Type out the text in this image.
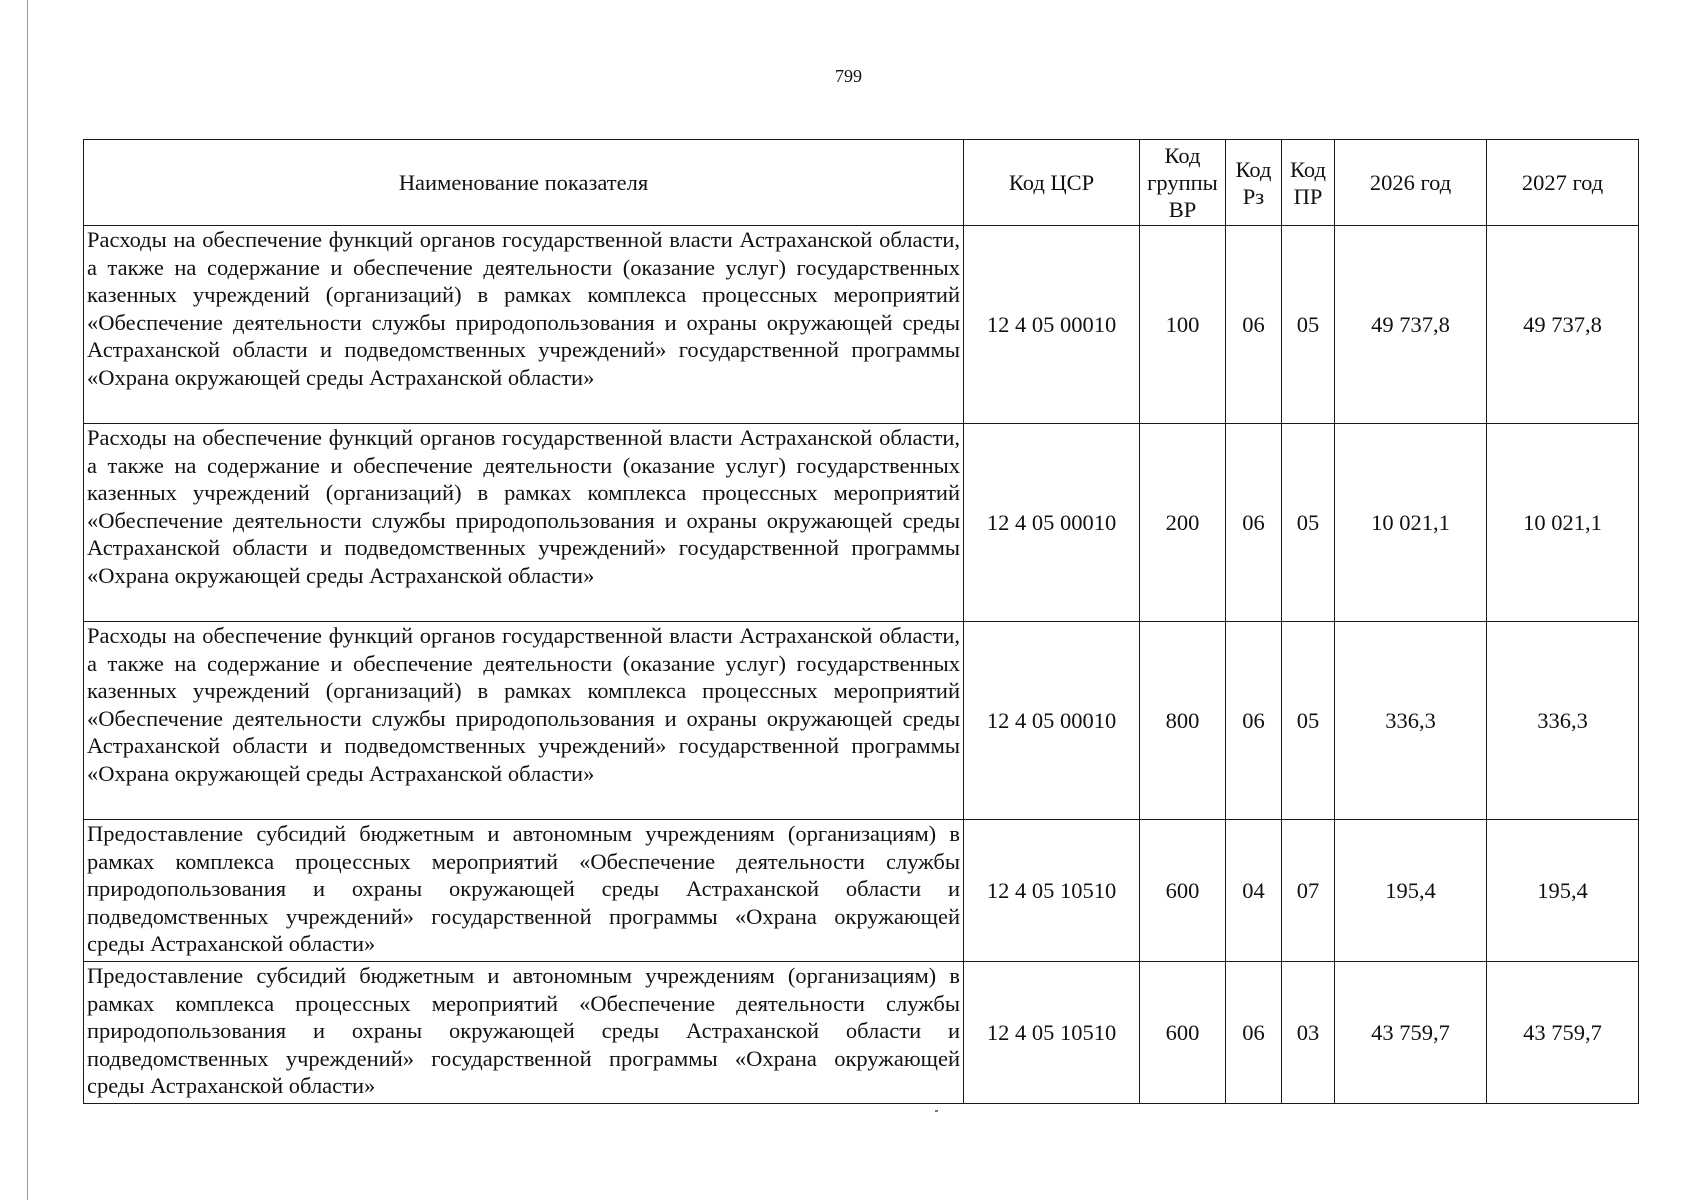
799
Наименование показателя	Код ЦСР	Код группы ВР	Код Рз	Код ПР	2026 год	2027 год
Расходы на обеспечение функций органов государственной власти Астраханской области, а также на содержание и обеспечение деятельности (оказание услуг) государственных казенных учреждений (организаций) в рамках комплекса процессных мероприятий «Обеспечение деятельности службы природопользования и охраны окружающей среды Астраханской области и подведомственных учреждений» государственной программы «Охрана окружающей среды Астраханской области»	12 4 05 00010	100	06	05	49 737,8	49 737,8
Расходы на обеспечение функций органов государственной власти Астраханской области, а также на содержание и обеспечение деятельности (оказание услуг) государственных казенных учреждений (организаций) в рамках комплекса процессных мероприятий «Обеспечение деятельности службы природопользования и охраны окружающей среды Астраханской области и подведомственных учреждений» государственной программы «Охрана окружающей среды Астраханской области»	12 4 05 00010	200	06	05	10 021,1	10 021,1
Расходы на обеспечение функций органов государственной власти Астраханской области, а также на содержание и обеспечение деятельности (оказание услуг) государственных казенных учреждений (организаций) в рамках комплекса процессных мероприятий «Обеспечение деятельности службы природопользования и охраны окружающей среды Астраханской области и подведомственных учреждений» государственной программы «Охрана окружающей среды Астраханской области»	12 4 05 00010	800	06	05	336,3	336,3
Предоставление субсидий бюджетным и автономным учреждениям (организациям) в рамках комплекса процессных мероприятий «Обеспечение деятельности службы природопользования и охраны окружающей среды Астраханской области и подведомственных учреждений» государственной программы «Охрана окружающей среды Астраханской области»	12 4 05 10510	600	04	07	195,4	195,4
Предоставление субсидий бюджетным и автономным учреждениям (организациям) в рамках комплекса процессных мероприятий «Обеспечение деятельности службы природопользования и охраны окружающей среды Астраханской области и подведомственных учреждений» государственной программы «Охрана окружающей среды Астраханской области»	12 4 05 10510	600	06	03	43 759,7	43 759,7
